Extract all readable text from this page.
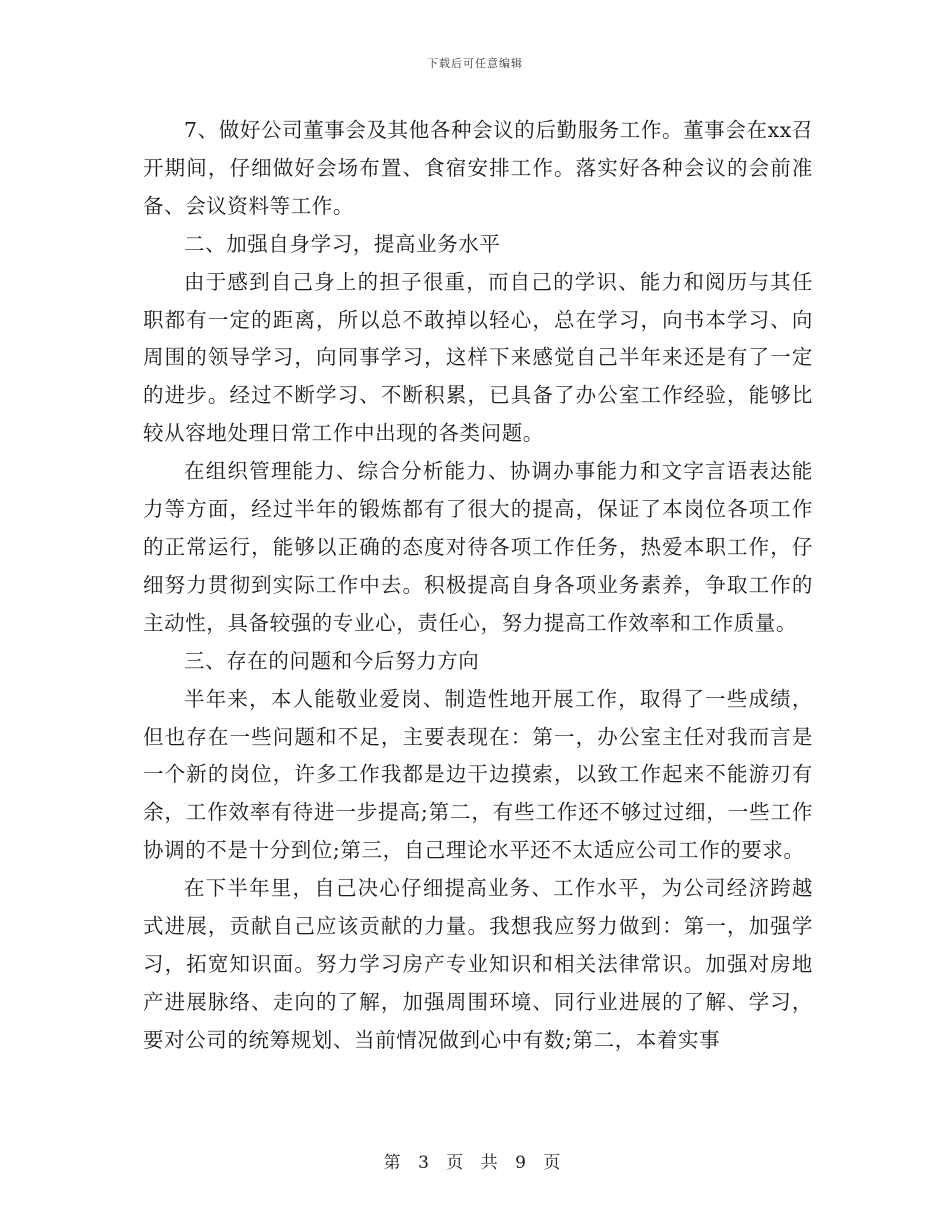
下载后可任意编辑

7、做好公司董事会及其他各种会议的后勤服务工作。董事会在xx召开期间，仔细做好会场布置、食宿安排工作。落实好各种会议的会前准备、会议资料等工作。

二、加强自身学习，提高业务水平

由于感到自己身上的担子很重，而自己的学识、能力和阅历与其任职都有一定的距离，所以总不敢掉以轻心，总在学习，向书本学习、向周围的领导学习，向同事学习，这样下来感觉自己半年来还是有了一定的进步。经过不断学习、不断积累，已具备了办公室工作经验，能够比较从容地处理日常工作中出现的各类问题。

在组织管理能力、综合分析能力、协调办事能力和文字言语表达能力等方面，经过半年的锻炼都有了很大的提高，保证了本岗位各项工作的正常运行，能够以正确的态度对待各项工作任务，热爱本职工作，仔细努力贯彻到实际工作中去。积极提高自身各项业务素养，争取工作的主动性，具备较强的专业心，责任心，努力提高工作效率和工作质量。

三、存在的问题和今后努力方向

半年来，本人能敬业爱岗、制造性地开展工作，取得了一些成绩，但也存在一些问题和不足，主要表现在：第一，办公室主任对我而言是一个新的岗位，许多工作我都是边干边摸索，以致工作起来不能游刃有余，工作效率有待进一步提高;第二，有些工作还不够过过细，一些工作协调的不是十分到位;第三，自己理论水平还不太适应公司工作的要求。

在下半年里，自己决心仔细提高业务、工作水平，为公司经济跨越式进展，贡献自己应该贡献的力量。我想我应努力做到：第一，加强学习，拓宽知识面。努力学习房产专业知识和相关法律常识。加强对房地产进展脉络、走向的了解，加强周围环境、同行业进展的了解、学习，要对公司的统筹规划、当前情况做到心中有数;第二，本着实事

第 3 页 共 9 页
